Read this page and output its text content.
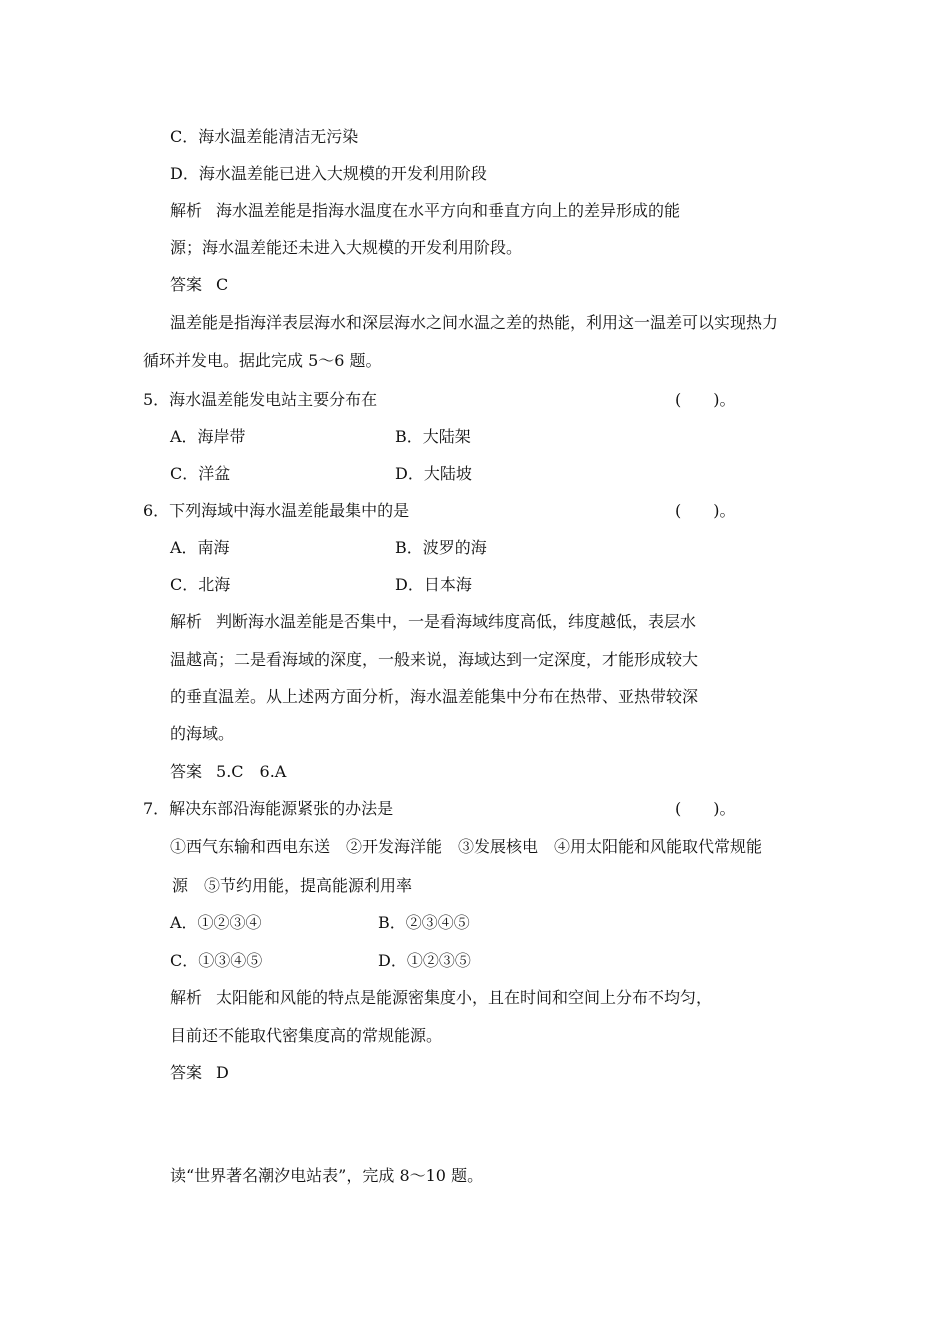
C．海水温差能清洁无污染
D．海水温差能已进入大规模的开发利用阶段
解析 海水温差能是指海水温度在水平方向和垂直方向上的差异形成的能
源；海水温差能还未进入大规模的开发利用阶段。
答案 C
温差能是指海洋表层海水和深层海水之间水温之差的热能，利用这一温差可以实现热力
循环并发电。据此完成 5～6 题。
5．海水温差能发电站主要分布在	(　　)。
A．海岸带	B．大陆架
C．洋盆	D．大陆坡
6．下列海域中海水温差能最集中的是	(　　)。
A．南海	B．波罗的海
C．北海	D．日本海
解析 判断海水温差能是否集中，一是看海域纬度高低，纬度越低，表层水
温越高；二是看海域的深度，一般来说，海域达到一定深度，才能形成较大
的垂直温差。从上述两方面分析，海水温差能集中分布在热带、亚热带较深
的海域。
答案 5.C　6.A
7．解决东部沿海能源紧张的办法是	(　　)。
①西气东输和西电东送　②开发海洋能　③发展核电　④用太阳能和风能取代常规能
源　⑤节约用能，提高能源利用率
A．①②③④	B．②③④⑤
C．①③④⑤	D．①②③⑤
解析 太阳能和风能的特点是能源密集度小，且在时间和空间上分布不均匀，
目前还不能取代密集度高的常规能源。
答案 D
读“世界著名潮汐电站表”，完成 8～10 题。
